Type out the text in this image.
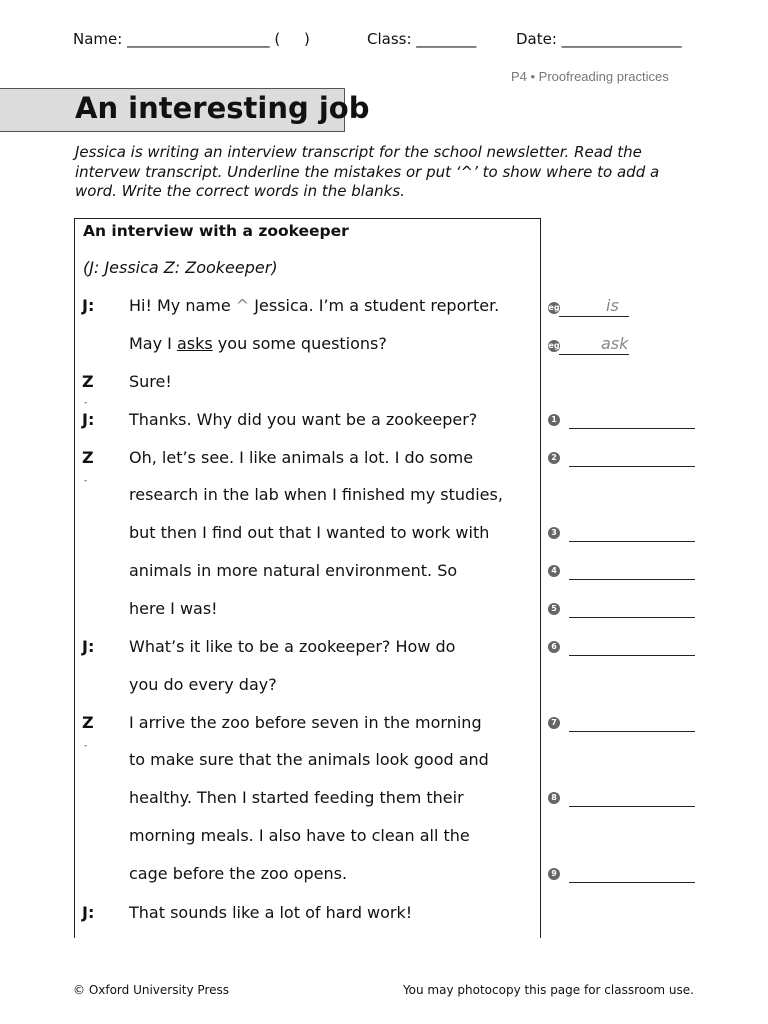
Name: ___________________ (     )	Class: ________	Date: ________________
P4 • Proofreading practices
An interesting job
Jessica is writing an interview transcript for the school newsletter. Read the intervew transcript. Underline the mistakes or put ‘^’ to show where to add a word. Write the correct words in the blanks.
An interview with a zookeeper
(J: Jessica Z: Zookeeper)
J: Hi! My name ^ Jessica. I’m a student reporter.
May I asks you some questions?
eg	is
eg	ask
Z Sure!
-
J: Thanks. Why did you want be a zookeeper?
Z Oh, let’s see. I like animals a lot. I do some
-
research in the lab when I finished my studies,
but then I find out that I wanted to work with
animals in more natural environment. So
here I was!
J: What’s it like to be a zookeeper? How do
you do every day?
Z I arrive the zoo before seven in the morning
-
to make sure that the animals look good and
healthy. Then I started feeding them their
morning meals. I also have to clean all the
cage before the zoo opens.
J: That sounds like a lot of hard work!
1
2
3
4
5
6
7
8
9
© Oxford University Press	You may photocopy this page for classroom use.
